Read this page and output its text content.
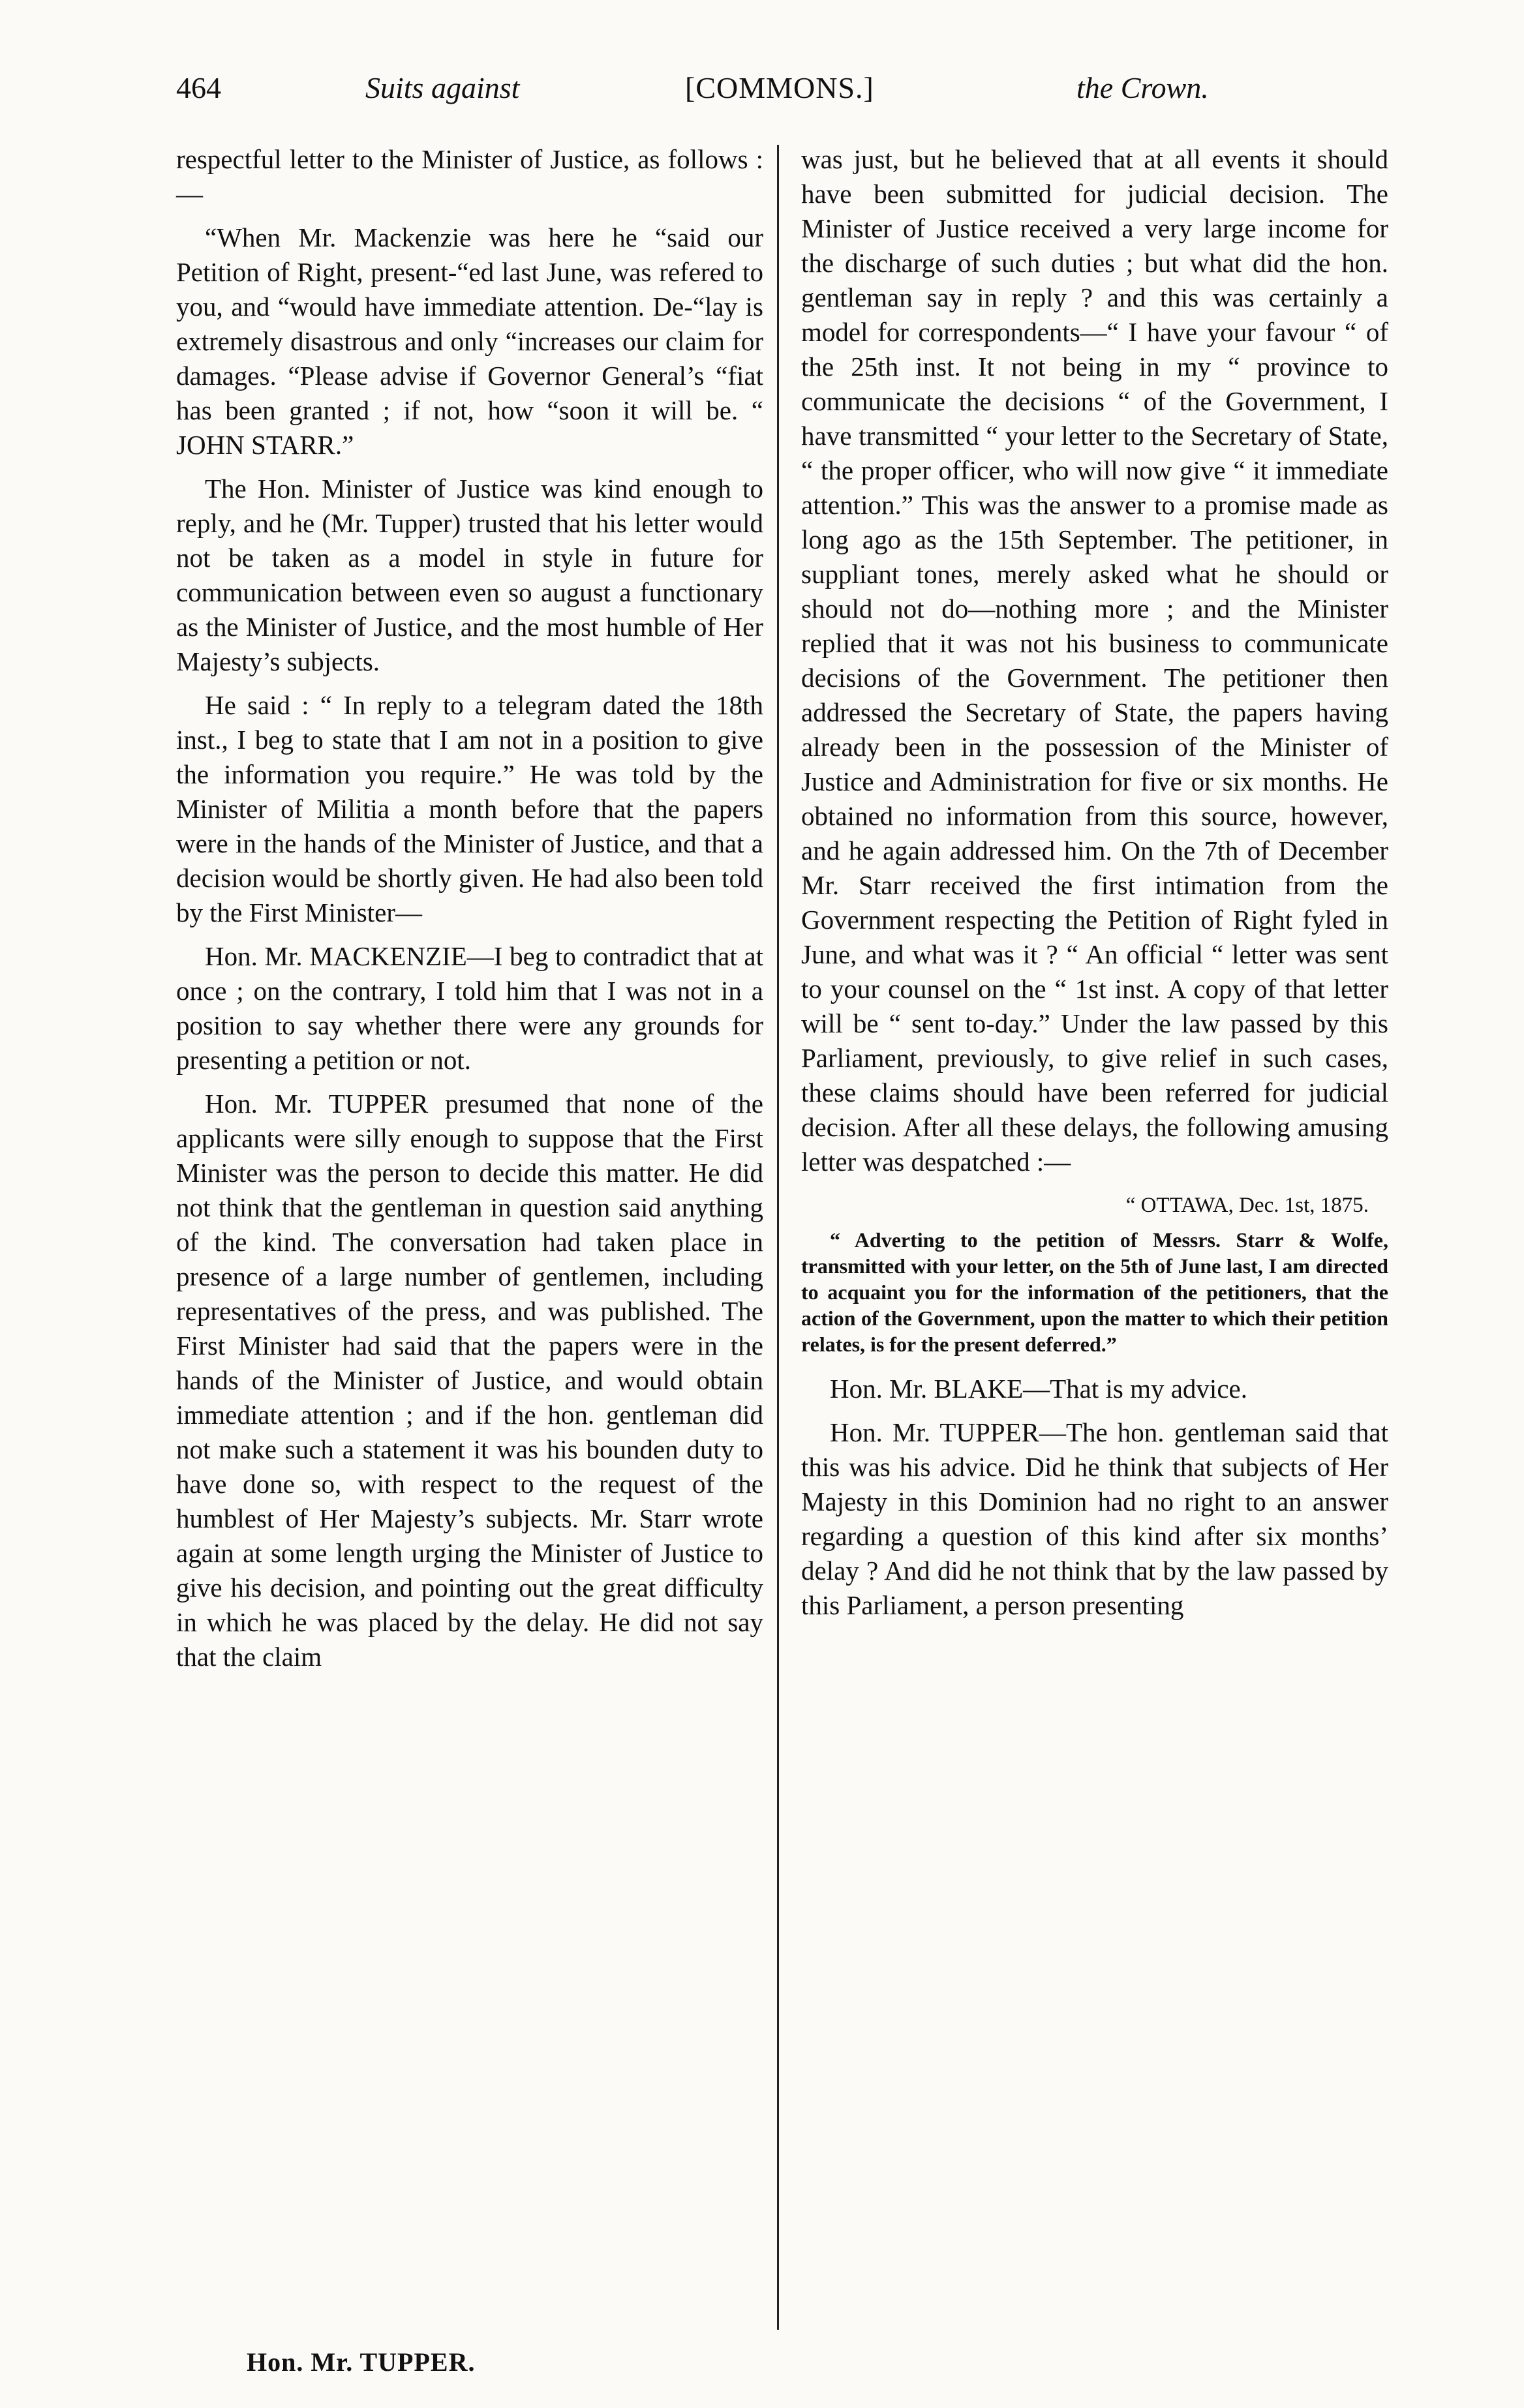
464	Suits against	[COMMONS.]	the Crown.

respectful letter to the Minister of Justice, as follows :—

“When Mr. Mackenzie was here he “said our Petition of Right, present-“ed last June, was refered to you, and “would have immediate attention. De-“lay is extremely disastrous and only “increases our claim for damages. “Please advise if Governor General’s “fiat has been granted ; if not, how “soon it will be. “ JOHN STARR.”

The Hon. Minister of Justice was kind enough to reply, and he (Mr. Tupper) trusted that his letter would not be taken as a model in style in future for communication between even so august a functionary as the Minister of Justice, and the most humble of Her Majesty’s subjects.

He said : “ In reply to a telegram dated the 18th inst., I beg to state that I am not in a position to give the information you require.” He was told by the Minister of Militia a month before that the papers were in the hands of the Minister of Justice, and that a decision would be shortly given. He had also been told by the First Minister—

Hon. Mr. MACKENZIE—I beg to contradict that at once ; on the contrary, I told him that I was not in a position to say whether there were any grounds for presenting a petition or not.

Hon. Mr. TUPPER presumed that none of the applicants were silly enough to suppose that the First Minister was the person to decide this matter. He did not think that the gentleman in question said anything of the kind. The conversation had taken place in presence of a large number of gentlemen, including representatives of the press, and was published. The First Minister had said that the papers were in the hands of the Minister of Justice, and would obtain immediate attention ; and if the hon. gentleman did not make such a statement it was his bounden duty to have done so, with respect to the request of the humblest of Her Majesty’s subjects. Mr. Starr wrote again at some length urging the Minister of Justice to give his decision, and pointing out the great difficulty in which he was placed by the delay. He did not say that the claim

was just, but he believed that at all events it should have been submitted for judicial decision. The Minister of Justice received a very large income for the discharge of such duties ; but what did the hon. gentleman say in reply ? and this was certainly a model for correspondents—“ I have your favour “ of the 25th inst. It not being in my “ province to communicate the decisions “ of the Government, I have transmitted “ your letter to the Secretary of State, “ the proper officer, who will now give “ it immediate attention.” This was the answer to a promise made as long ago as the 15th September. The petitioner, in suppliant tones, merely asked what he should or should not do—nothing more ; and the Minister replied that it was not his business to communicate decisions of the Government. The petitioner then addressed the Secretary of State, the papers having already been in the possession of the Minister of Justice and Administration for five or six months. He obtained no information from this source, however, and he again addressed him. On the 7th of December Mr. Starr received the first intimation from the Government respecting the Petition of Right fyled in June, and what was it ? “ An official “ letter was sent to your counsel on the “ 1st inst. A copy of that letter will be “ sent to-day.” Under the law passed by this Parliament, previously, to give relief in such cases, these claims should have been referred for judicial decision. After all these delays, the following amusing letter was despatched :—

“ OTTAWA, Dec. 1st, 1875.

“ Adverting to the petition of Messrs. Starr & Wolfe, transmitted with your letter, on the 5th of June last, I am directed to acquaint you for the information of the petitioners, that the action of the Government, upon the matter to which their petition relates, is for the present deferred.”

Hon. Mr. BLAKE—That is my advice.

Hon. Mr. TUPPER—The hon. gentleman said that this was his advice. Did he think that subjects of Her Majesty in this Dominion had no right to an answer regarding a question of this kind after six months’ delay ? And did he not think that by the law passed by this Parliament, a person presenting

Hon. Mr. TUPPER.
